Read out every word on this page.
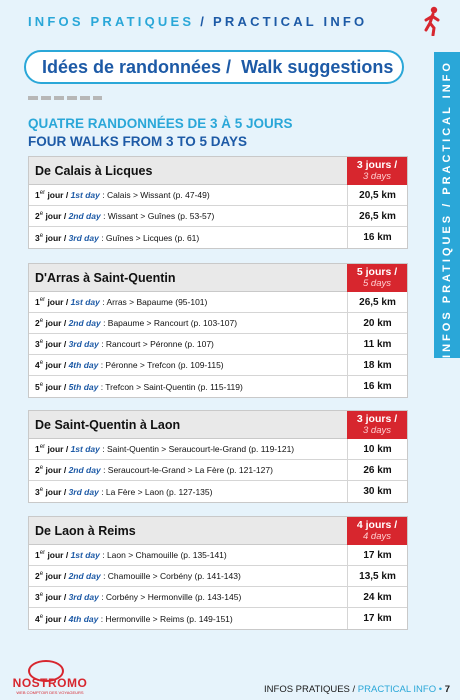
INFOS PRATIQUES / PRACTICAL INFO
Idées de randonnées / Walk suggestions
QUATRE RANDONNÉES DE 3 À 5 JOURS
FOUR WALKS FROM 3 TO 5 DAYS	INFOS PRATIQUES / PRACTICAL INFO
De Calais à Licques	3 jours /
3 days
1er jour / 1st day : Calais > Wissant (p. 47-49)	20,5 km
2e jour / 2nd day : Wissant > Guînes (p. 53-57)	26,5 km
3e jour / 3rd day : Guînes > Licques (p. 61)	16 km
D'Arras à Saint-Quentin	5 jours /
5 days
1er jour / 1st day : Arras > Bapaume (95-101)	26,5 km
2e jour / 2nd day : Bapaume > Rancourt (p. 103-107)	20 km
3e jour / 3rd day : Rancourt > Péronne (p. 107)	11 km
4e jour / 4th day : Péronne > Trefcon (p. 109-115)	18 km
5e jour / 5th day : Trefcon > Saint-Quentin (p. 115-119)	16 km
De Saint-Quentin à Laon	3 jours /
3 days
1er jour / 1st day : Saint-Quentin > Seraucourt-le-Grand (p. 119-121)	10 km
2e jour / 2nd day : Seraucourt-le-Grand > La Fère (p. 121-127)	26 km
3e jour / 3rd day : La Fère > Laon (p. 127-135)	30 km
De Laon à Reims	4 jours /
4 days
1er jour / 1st day : Laon > Chamouille (p. 135-141)	17 km
2e jour / 2nd day : Chamouille > Corbény (p. 141-143)	13,5 km
3e jour / 3rd day : Corbény > Hermonville (p. 143-145)	24 km
4e jour / 4th day : Hermonville > Reims (p. 149-151)	17 km
NOSTROMO
WEB COMPTOIR DES VOYAGEURS	INFOS PRATIQUES / PRACTICAL INFO • 7
